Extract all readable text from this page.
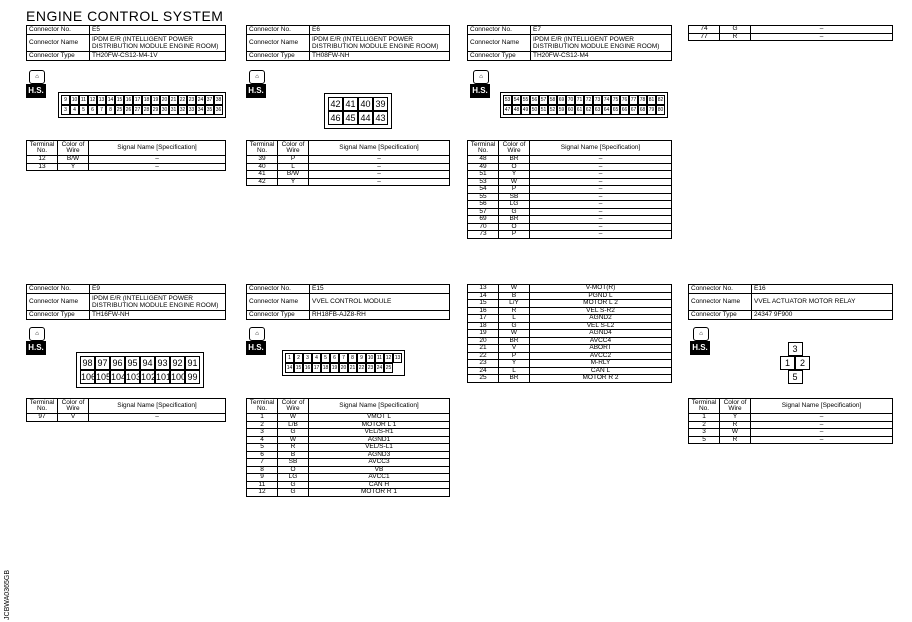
ENGINE CONTROL SYSTEM
Connector No.	E5
Connector Name	IPDM E/R (INTELLIGENT POWER DISTRIBUTION MODULE ENGINE ROOM)
Connector Type	TH20FW-CS12-M4-1V
⌂
H.S.
9 10 11 12 13 14 15 16 17 18 19 20 21 22 23 24 37 38
3	4	5	6	7	8 25 26 27 28 29 30 31 32 33 34 35 36
Terminal No.	Color of Wire	Signal Name [Specification]
12	B/W	–
13	Y	–
Connector No.	E6
Connector Name	IPDM E/R (INTELLIGENT POWER DISTRIBUTION MODULE ENGINE ROOM)
Connector Type	TH08FW-NH
⌂
H.S.
42 41 40 39
46 45 44 43
Terminal No.	Color of Wire	Signal Name [Specification]
39	P	–
40	L	–
41	B/W	–
42	Y	–
Connector No.	E7
Connector Name	IPDM E/R (INTELLIGENT POWER DISTRIBUTION MODULE ENGINE ROOM)
Connector Type	TH20FW-CS12-M4
⌂
H.S.
53 54 55 56 57 58 69 70 71 72 73 74 75 76 77 78 81 82
47 48 49 50 51 52 59 60 61 62 63 64 65 66 67 68 79 80
Terminal No.	Color of Wire	Signal Name [Specification]
48	BR	–
49	O	–
51	Y	–
53	W	–
54	P	–
55	SB	–
56	LG	–
57	G	–
69	BR	–
70	O	–
73	P	–
74	G	–
77	R	–
Connector No.	E9
Connector Name	IPDM E/R (INTELLIGENT POWER DISTRIBUTION MODULE ENGINE ROOM)
Connector Type	TH16FW-NH
⌂
H.S.
98 97 96 95 94 93 92 91
106 105 104 103 102 101 100 99
Terminal No.	Color of Wire	Signal Name [Specification]
97	V	–
Connector No.	E15
Connector Name	VVEL CONTROL MODULE
Connector Type	RH18FB-AJZ8-RH
⌂
H.S.
1	2	3	4	5	6	7	8	9 10 11 12 13
14 15 16 17 18 19 20 21 22 23 24 25
Terminal No.	Color of Wire	Signal Name [Specification]
1	W	VMOT L
2	L/B	MOTOR L 1
3	G	VEL/S-R1
4	W	AGND1
5	R	VEL/S-L1
6	B	AGND3
7	SB	AVCC3
8	O	VB
9	LG	AVCC1
11	G	CAN H
12	G	MOTOR R 1
13	W	V-MOT(R)
14	B	PGND L
15	L/Y	MOTOR L 2
16	R	VEL S-R2
17	L	AGND2
18	G	VEL S-L2
19	W	AGND4
20	BR	AVCC4
21	V	ABORT
22	P	AVCC2
23	Y	M-RLY
24	L	CAN L
25	BR	MOTOR R 2
Connector No.	E16
Connector Name	VVEL ACTUATOR MOTOR RELAY
Connector Type	24347 9F900
⌂
H.S.	3
1	2
5
Terminal No.	Color of Wire	Signal Name [Specification]
1	Y	–
2	R	–
3	W	–
5	R	–
JCBWA0365GB
